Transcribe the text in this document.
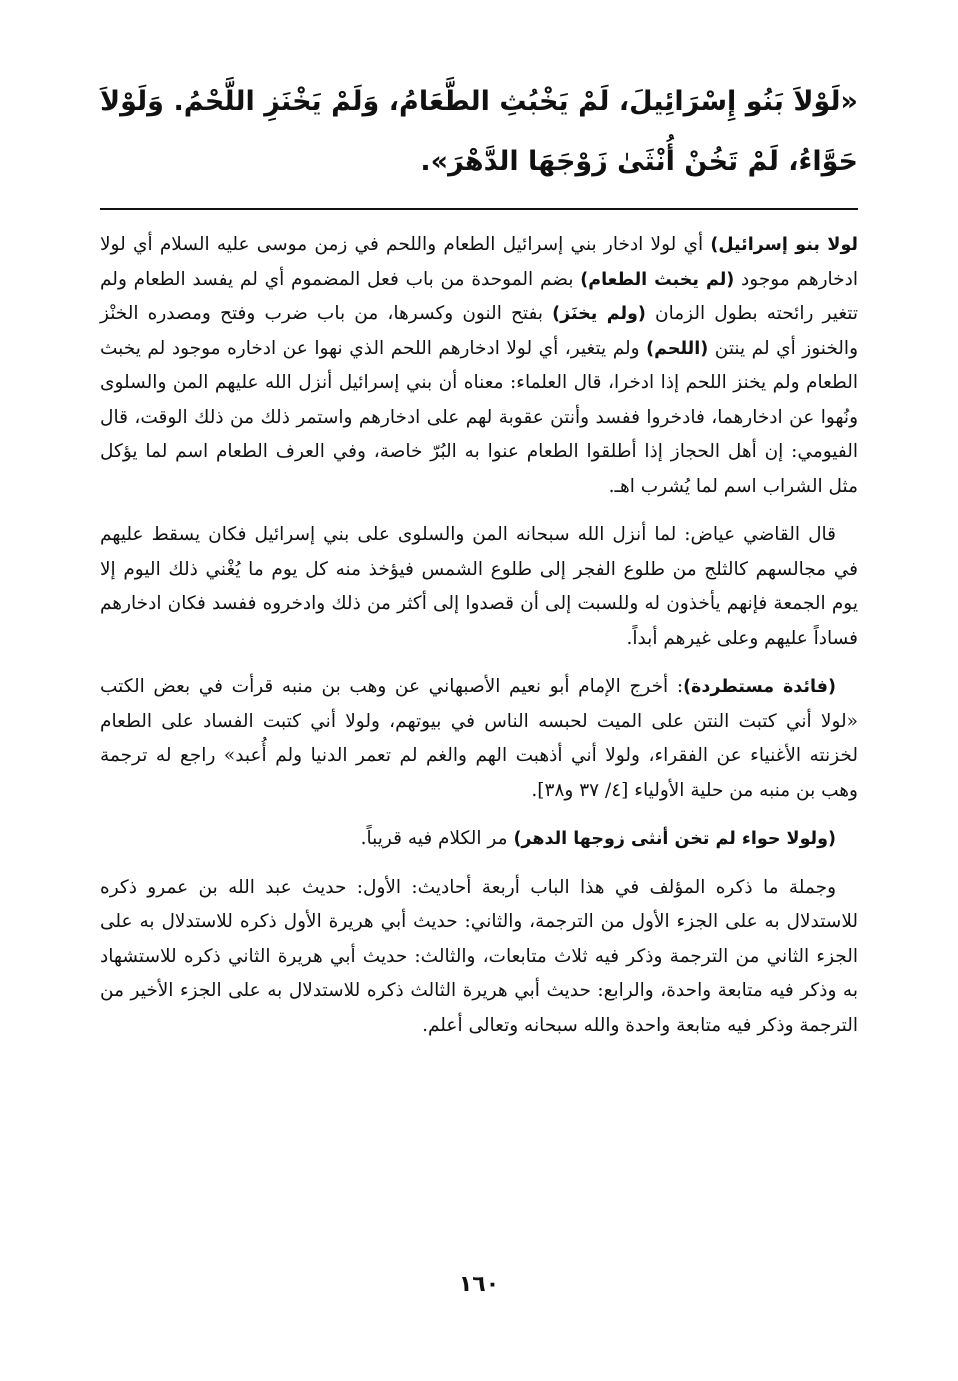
«لَوْلاَ بَنُو إِسْرَائِيلَ، لَمْ يَخْبُثِ الطَّعَامُ، وَلَمْ يَخْنَزِ اللَّحْمُ. وَلَوْلاَ حَوَّاءُ، لَمْ تَخُنْ أُنْثَىٰ زَوْجَهَا الدَّهْرَ».

لولا بنو إسرائيل) أي لولا ادخار بني إسرائيل الطعام واللحم في زمن موسى عليه السلام أي لولا ادخارهم موجود (لم يخبث الطعام) بضم الموحدة من باب فعل المضموم أي لم يفسد الطعام ولم تتغير رائحته بطول الزمان (ولم يخنَز) بفتح النون وكسرها، من باب ضرب وفتح ومصدره الخنْز والخنوز أي لم ينتن (اللحم) ولم يتغير، أي لولا ادخارهم اللحم الذي نهوا عن ادخاره موجود لم يخبث الطعام ولم يخنز اللحم إذا ادخرا، قال العلماء: معناه أن بني إسرائيل أنزل الله عليهم المن والسلوى ونُهوا عن ادخارهما، فادخروا ففسد وأنتن عقوبة لهم على ادخارهم واستمر ذلك من ذلك الوقت، قال الفيومي: إن أهل الحجاز إذا أطلقوا الطعام عنوا به البُرّ خاصة، وفي العرف الطعام اسم لما يؤكل مثل الشراب اسم لما يُشرب اهـ.

قال القاضي عياض: لما أنزل الله سبحانه المن والسلوى على بني إسرائيل فكان يسقط عليهم في مجالسهم كالثلج من طلوع الفجر إلى طلوع الشمس فيؤخذ منه كل يوم ما يُغْني ذلك اليوم إلا يوم الجمعة فإنهم يأخذون له وللسبت إلى أن قصدوا إلى أكثر من ذلك وادخروه ففسد فكان ادخارهم فساداً عليهم وعلى غيرهم أبداً.

(فائدة مستطردة): أخرج الإمام أبو نعيم الأصبهاني عن وهب بن منبه قرأت في بعض الكتب «لولا أني كتبت النتن على الميت لحبسه الناس في بيوتهم، ولولا أني كتبت الفساد على الطعام لخزنته الأغنياء عن الفقراء، ولولا أني أذهبت الهم والغم لم تعمر الدنيا ولم أُعبد» راجع له ترجمة وهب بن منبه من حلية الأولياء [٤/ ٣٧ و٣٨].

(ولولا حواء لم تخن أنثى زوجها الدهر) مر الكلام فيه قريباً.

وجملة ما ذكره المؤلف في هذا الباب أربعة أحاديث: الأول: حديث عبد الله بن عمرو ذكره للاستدلال به على الجزء الأول من الترجمة، والثاني: حديث أبي هريرة الأول ذكره للاستدلال به على الجزء الثاني من الترجمة وذكر فيه ثلاث متابعات، والثالث: حديث أبي هريرة الثاني ذكره للاستشهاد به وذكر فيه متابعة واحدة، والرابع: حديث أبي هريرة الثالث ذكره للاستدلال به على الجزء الأخير من الترجمة وذكر فيه متابعة واحدة والله سبحانه وتعالى أعلم.

١٦٠
